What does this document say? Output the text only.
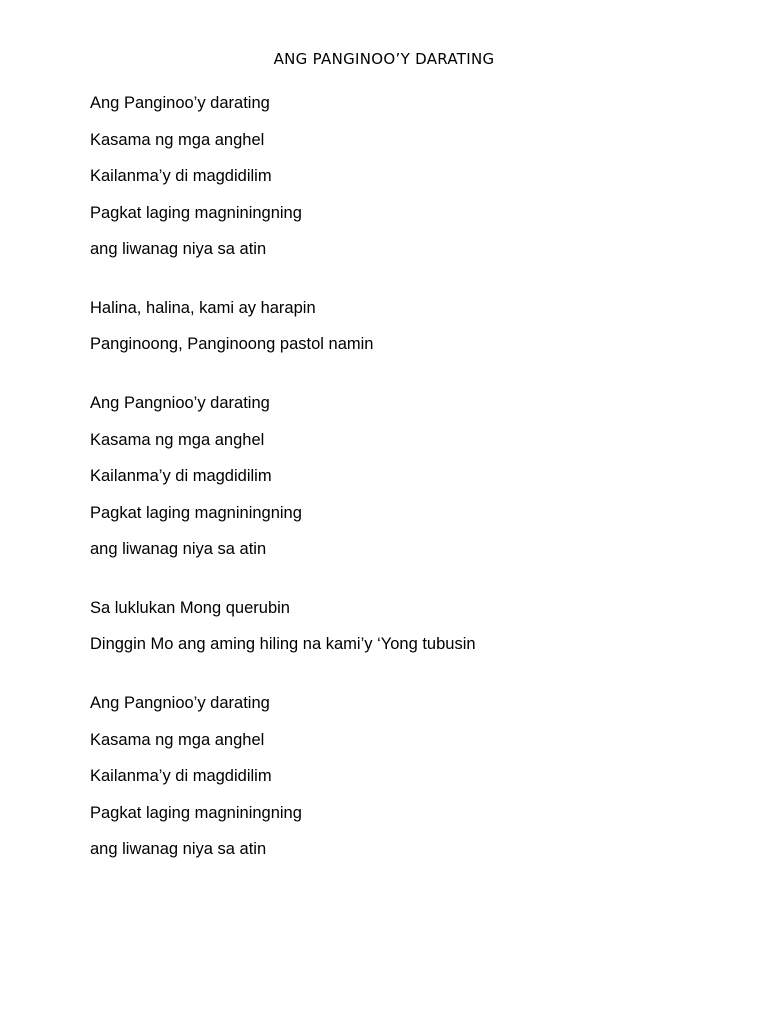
ANG PANGINOO’Y DARATING
Ang Panginoo’y darating
Kasama ng mga anghel
Kailanma’y di magdidilim
Pagkat laging magniningning
ang liwanag niya sa atin
Halina, halina, kami ay harapin
Panginoong, Panginoong pastol namin
Ang Pangnioo’y darating
Kasama ng mga anghel
Kailanma’y di magdidilim
Pagkat laging magniningning
ang liwanag niya sa atin
Sa luklukan Mong querubin
Dinggin Mo ang aming hiling na kami’y ‘Yong tubusin
Ang Pangnioo’y darating
Kasama ng mga anghel
Kailanma’y di magdidilim
Pagkat laging magniningning
ang liwanag niya sa atin
